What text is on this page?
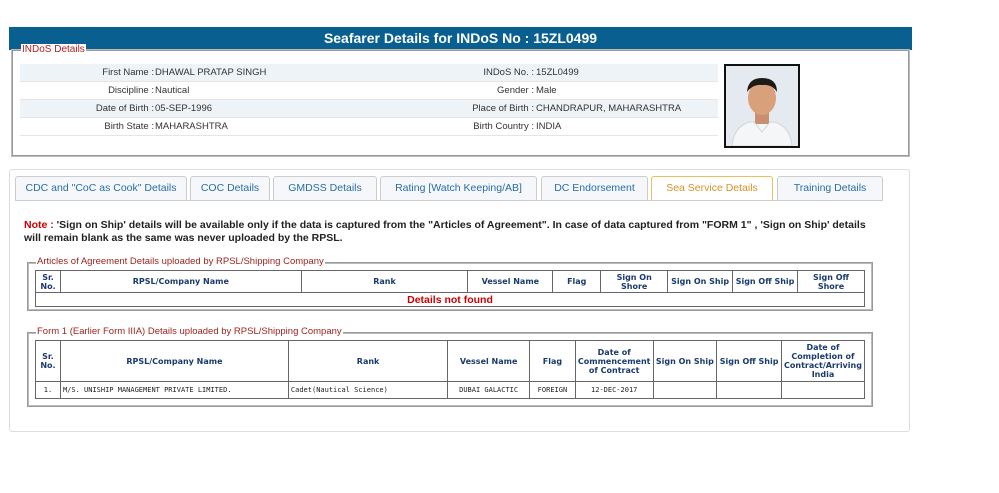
Seafarer Details for INDoS No : 15ZL0499
INDoS Details
First Name : DHAWAL PRATAP SINGH	INDoS No. : 15ZL0499
Discipline : Nautical	Gender : Male
Date of Birth : 05-SEP-1996	Place of Birth : CHANDRAPUR, MAHARASHTRA
Birth State : MAHARASHTRA	Birth Country : INDIA
CDC and "CoC as Cook" Details	COC Details	GMDSS Details	Rating [Watch Keeping/AB]	DC Endorsement	Sea Service Details	Training Details
Note : 'Sign on Ship' details will be available only if the data is captured from the "Articles of Agreement". In case of data captured from "FORM 1" , 'Sign on Ship' details will remain blank as the same was never uploaded by the RPSL.
Articles of Agreement Details uploaded by RPSL/Shipping Company
Sr. No.	RPSL/Company Name	Rank	Vessel Name	Flag	Sign On Shore	Sign On Ship	Sign Off Ship	Sign Off Shore
Details not found
Form 1 (Earlier Form IIIA) Details uploaded by RPSL/Shipping Company
Sr. No.	RPSL/Company Name	Rank	Vessel Name	Flag	Date of Commencement of Contract	Sign On Ship	Sign Off Ship	Date of Completion of Contract/Arriving India
1.	M/S. UNISHIP MANAGEMENT PRIVATE LIMITED.	Cadet(Nautical Science)	DUBAI GALACTIC	FOREIGN	12-DEC-2017			
